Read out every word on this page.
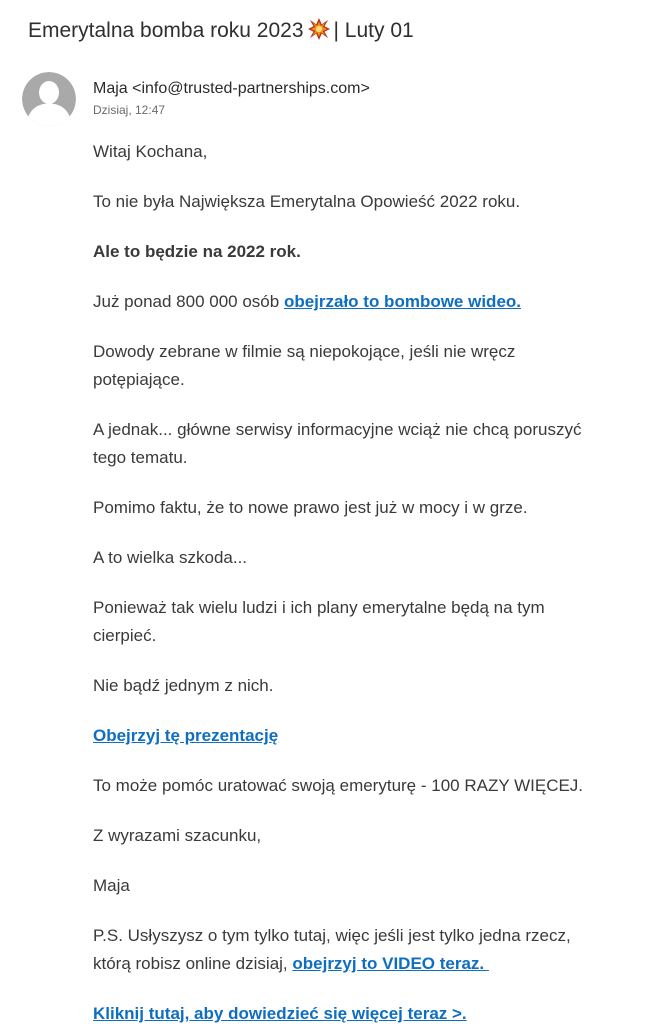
Emerytalna bomba roku 2023 | Luty 01
Maja <info@trusted-partnerships.com>
Dzisiaj, 12:47

Witaj Kochana,

To nie była Największa Emerytalna Opowieść 2022 roku.

Ale to będzie na 2022 rok.

Już ponad 800 000 osób obejrzało to bombowe wideo.

Dowody zebrane w filmie są niepokojące, jeśli nie wręcz potępiające.

A jednak... główne serwisy informacyjne wciąż nie chcą poruszyć tego tematu.

Pomimo faktu, że to nowe prawo jest już w mocy i w grze.

A to wielka szkoda...

Ponieważ tak wielu ludzi i ich plany emerytalne będą na tym cierpieć.

Nie bądź jednym z nich.

Obejrzyj tę prezentację

To może pomóc uratować swoją emeryturę - 100 RAZY WIĘCEJ.

Z wyrazami szacunku,

Maja

P.S. Usłyszysz o tym tylko tutaj, więc jeśli jest tylko jedna rzecz, którą robisz online dzisiaj, obejrzyj to VIDEO teraz.

Kliknij tutaj, aby dowiedzieć się więcej teraz >.
